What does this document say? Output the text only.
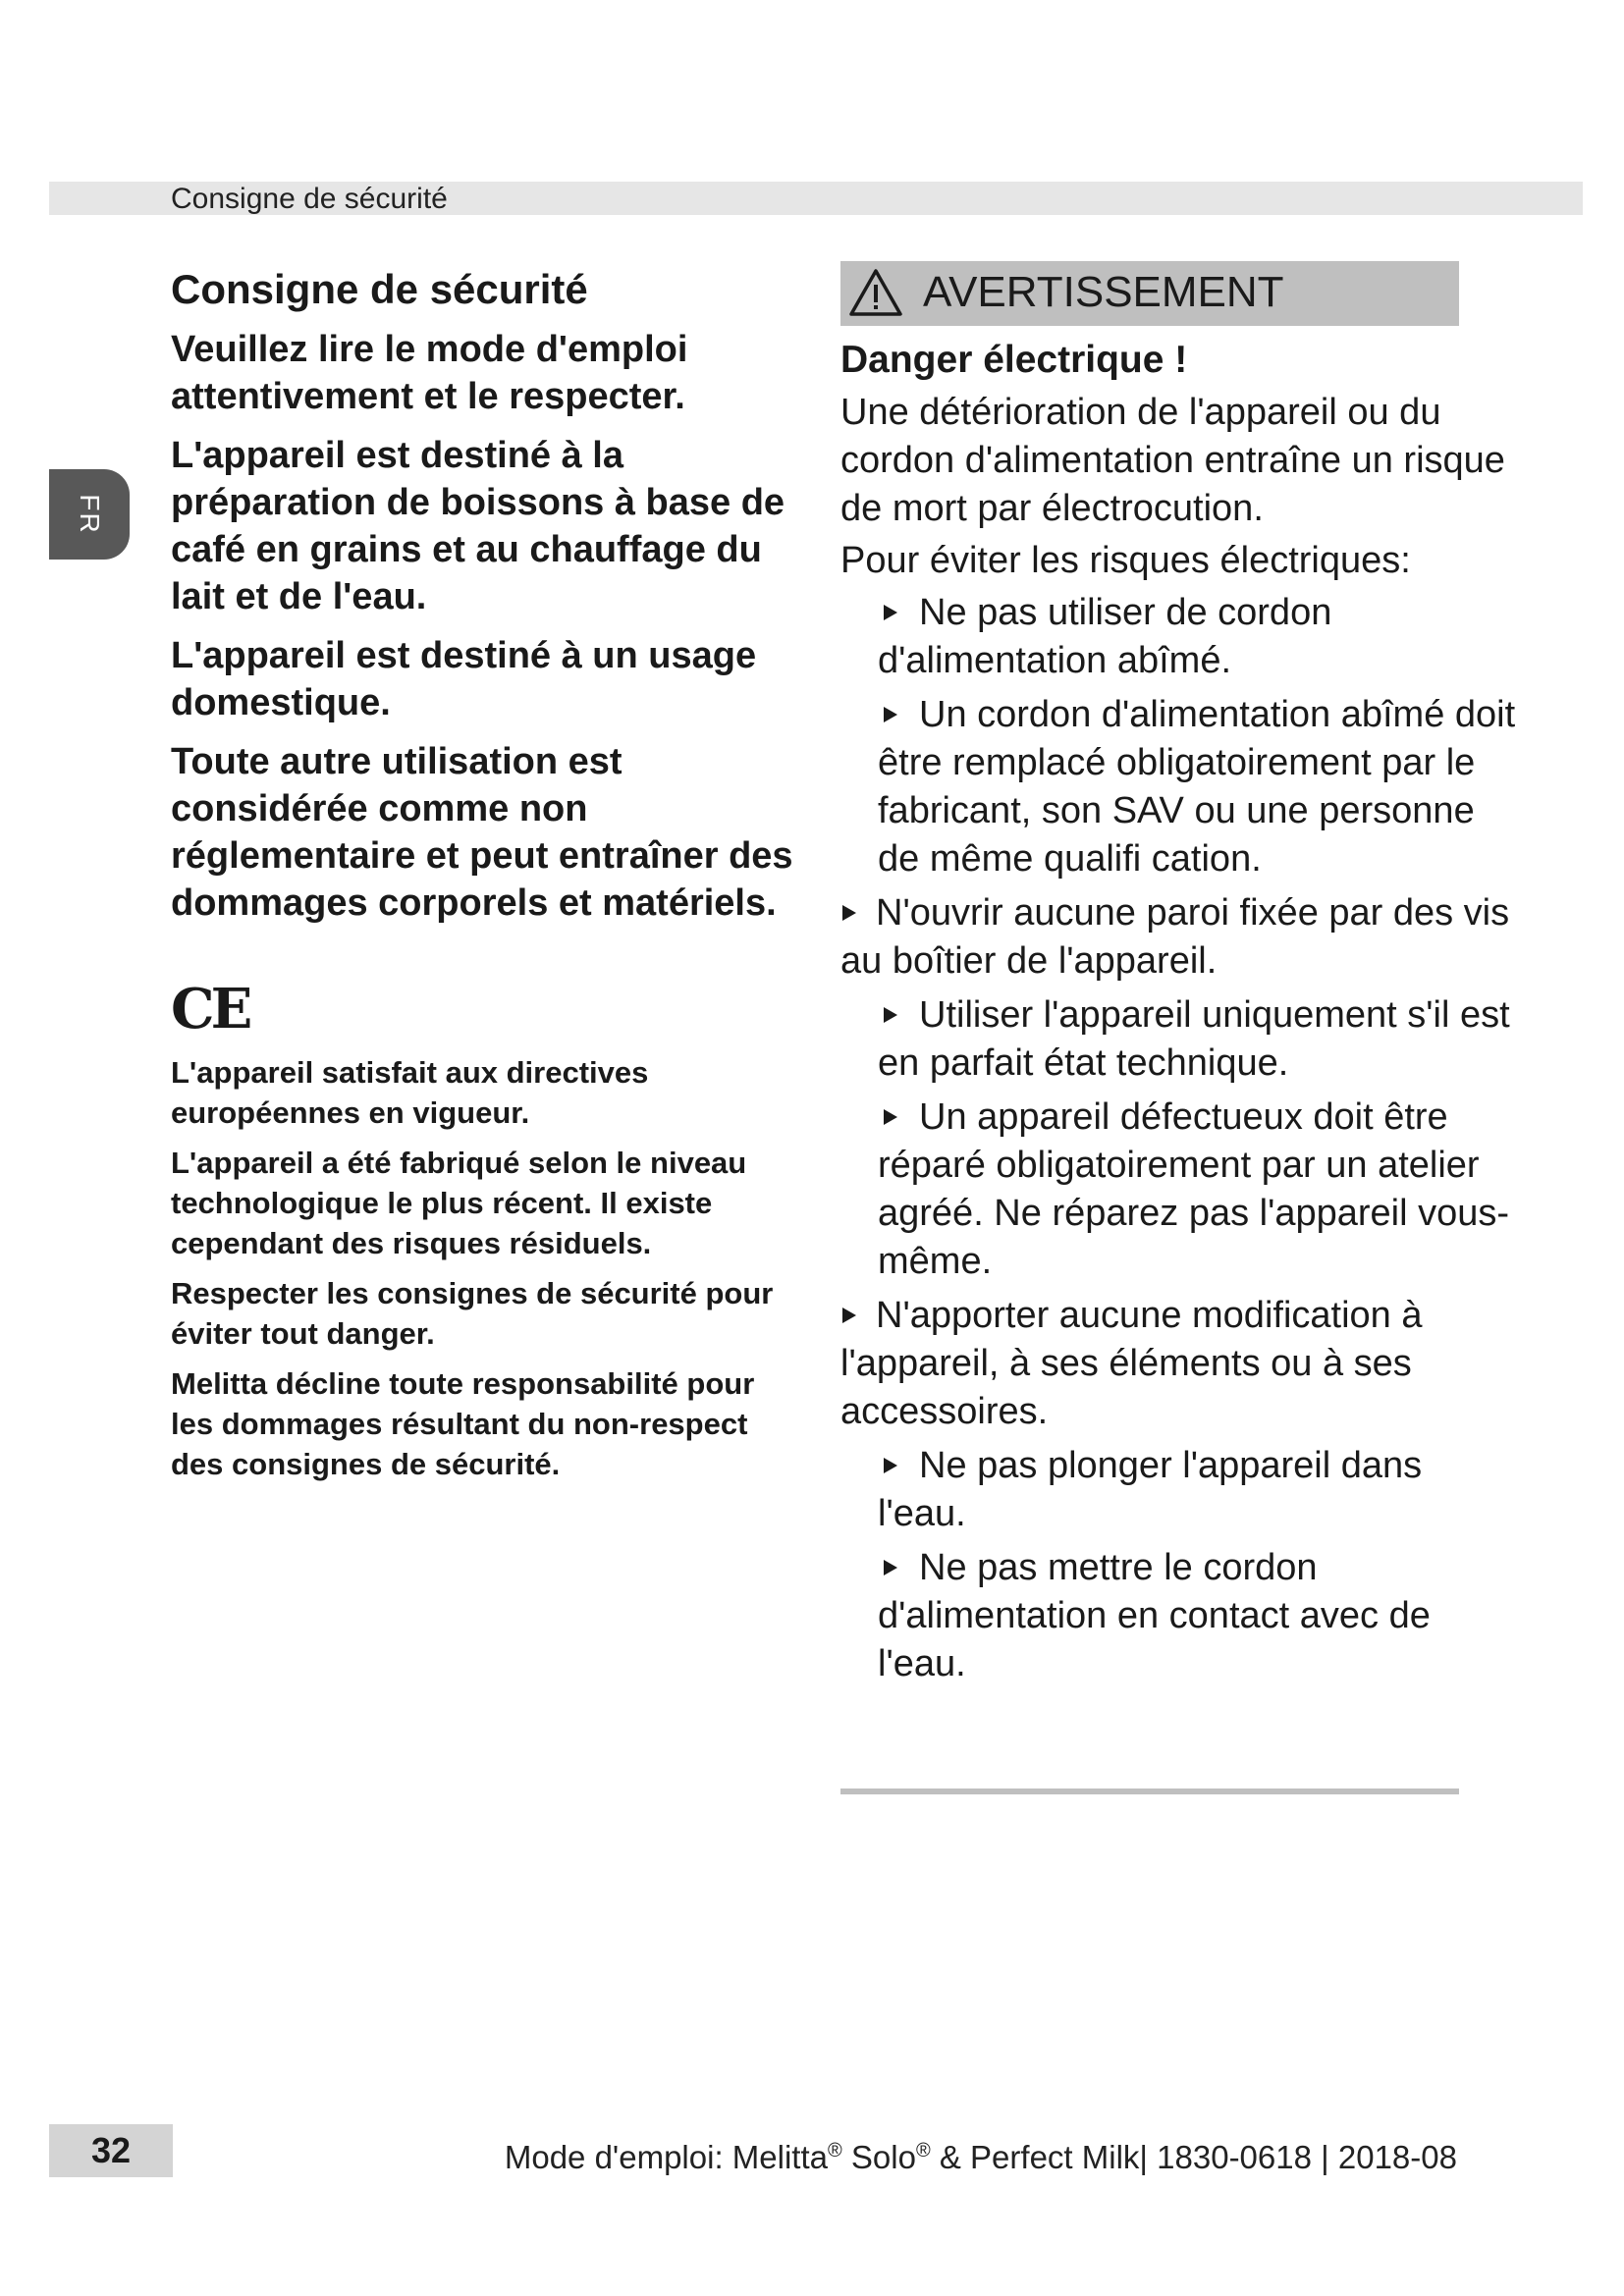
Consigne de sécurité
FR
Consigne de sécurité
Veuillez lire le mode d'emploi attentivement et le respecter.
L'appareil est destiné à la préparation de boissons à base de café en grains et au chauffage du lait et de l'eau.
L'appareil est destiné à un usage domestique.
Toute autre utilisation est considérée comme non réglementaire et peut entraîner des dommages corporels et matériels.
CE
L'appareil satisfait aux directives européennes en vigueur.
L'appareil a été fabriqué selon le niveau technologique le plus récent. Il existe cependant des risques résiduels.
Respecter les consignes de sécurité pour éviter tout danger.
Melitta décline toute responsabilité pour les dommages résultant du non-respect des consignes de sécurité.
AVERTISSEMENT
Danger électrique !
Une détérioration de l'appareil ou du cordon d'alimentation entraîne un risque de mort par électrocution.
Pour éviter les risques électriques:
Ne pas utiliser de cordon d'alimentation abîmé.
Un cordon d'alimentation abîmé doit être remplacé obligatoirement par le fabricant, son SAV ou une personne de même qualifi cation.
N'ouvrir aucune paroi fixée par des vis au boîtier de l'appareil.
Utiliser l'appareil uniquement s'il est en parfait état technique.
Un appareil défectueux doit être réparé obligatoirement par un atelier agréé. Ne réparez pas l'appareil vous-même.
N'apporter aucune modification à l'appareil, à ses éléments ou à ses accessoires.
Ne pas plonger l'appareil dans l'eau.
Ne pas mettre le cordon d'alimentation en contact avec de l'eau.
32	Mode d'emploi: Melitta® Solo® & Perfect Milk| 1830-0618 | 2018-08
